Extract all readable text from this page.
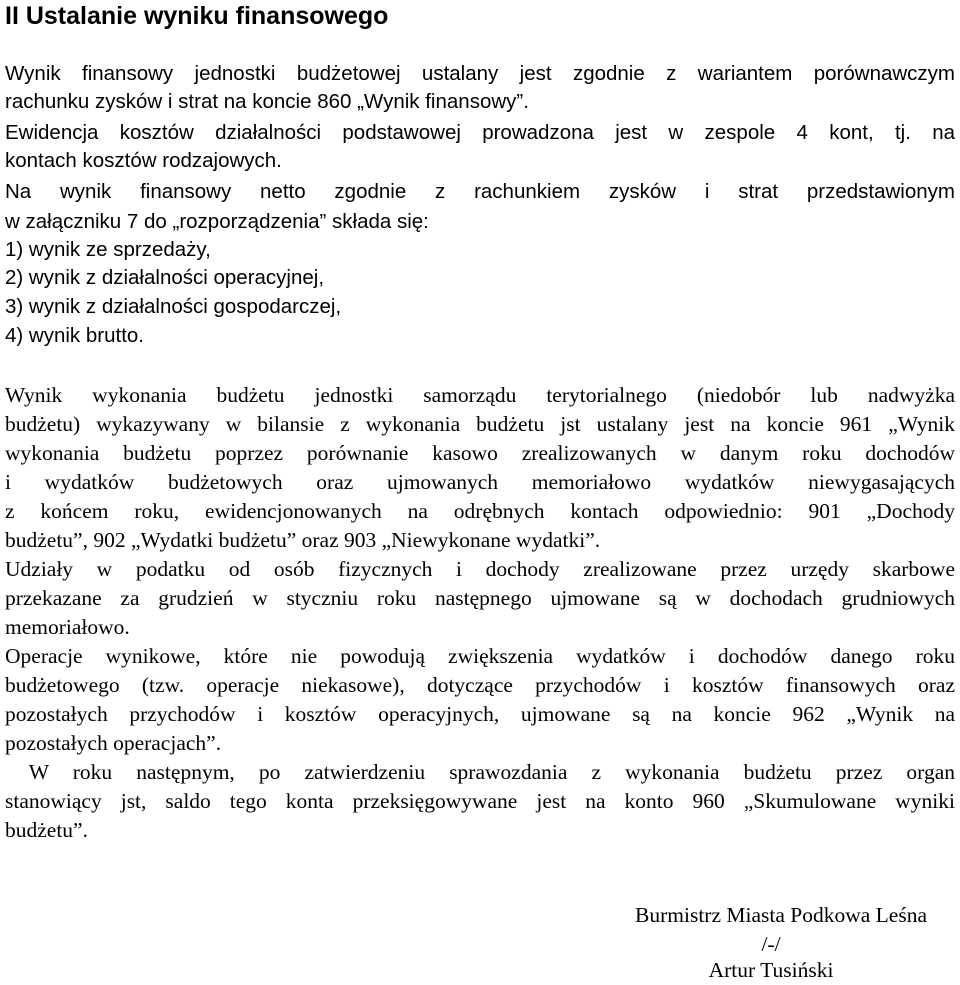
II Ustalanie wyniku finansowego

Wynik finansowy jednostki budżetowej ustalany jest zgodnie z wariantem porównawczym

rachunku zysków i strat na koncie 860 „Wynik finansowy”.

Ewidencja kosztów działalności podstawowej prowadzona jest w zespole 4 kont, tj. na

kontach kosztów rodzajowych.

Na wynik finansowy netto zgodnie z rachunkiem zysków i strat przedstawionym

w załączniku 7 do „rozporządzenia” składa się:

1) wynik ze sprzedaży,

2) wynik z działalności operacyjnej,

3) wynik z działalności gospodarczej,

4) wynik brutto.

Wynik wykonania budżetu jednostki samorządu terytorialnego (niedobór lub nadwyżka

budżetu) wykazywany w bilansie z wykonania budżetu jst ustalany jest na koncie 961 „Wynik

wykonania budżetu poprzez porównanie kasowo zrealizowanych w danym roku dochodów

i wydatków budżetowych oraz ujmowanych memoriałowo wydatków niewygasających

z końcem roku, ewidencjonowanych na odrębnych kontach odpowiednio: 901 „Dochody

budżetu”, 902 „Wydatki budżetu” oraz 903 „Niewykonane wydatki”.

Udziały w podatku od osób fizycznych i dochody zrealizowane przez urzędy skarbowe

przekazane za grudzień w styczniu roku następnego ujmowane są w dochodach grudniowych

memoriałowo.

Operacje wynikowe, które nie powodują zwiększenia wydatków i dochodów danego roku

budżetowego (tzw. operacje niekasowe), dotyczące przychodów i kosztów finansowych oraz

pozostałych przychodów i kosztów operacyjnych, ujmowane są na koncie 962 „Wynik na

pozostałych operacjach”.

W roku następnym, po zatwierdzeniu sprawozdania z wykonania budżetu przez organ

stanowiący jst, saldo tego konta przeksięgowywane jest na konto 960 „Skumulowane wyniki

budżetu”.

Burmistrz Miasta Podkowa Leśna
/-/
Artur Tusiński
